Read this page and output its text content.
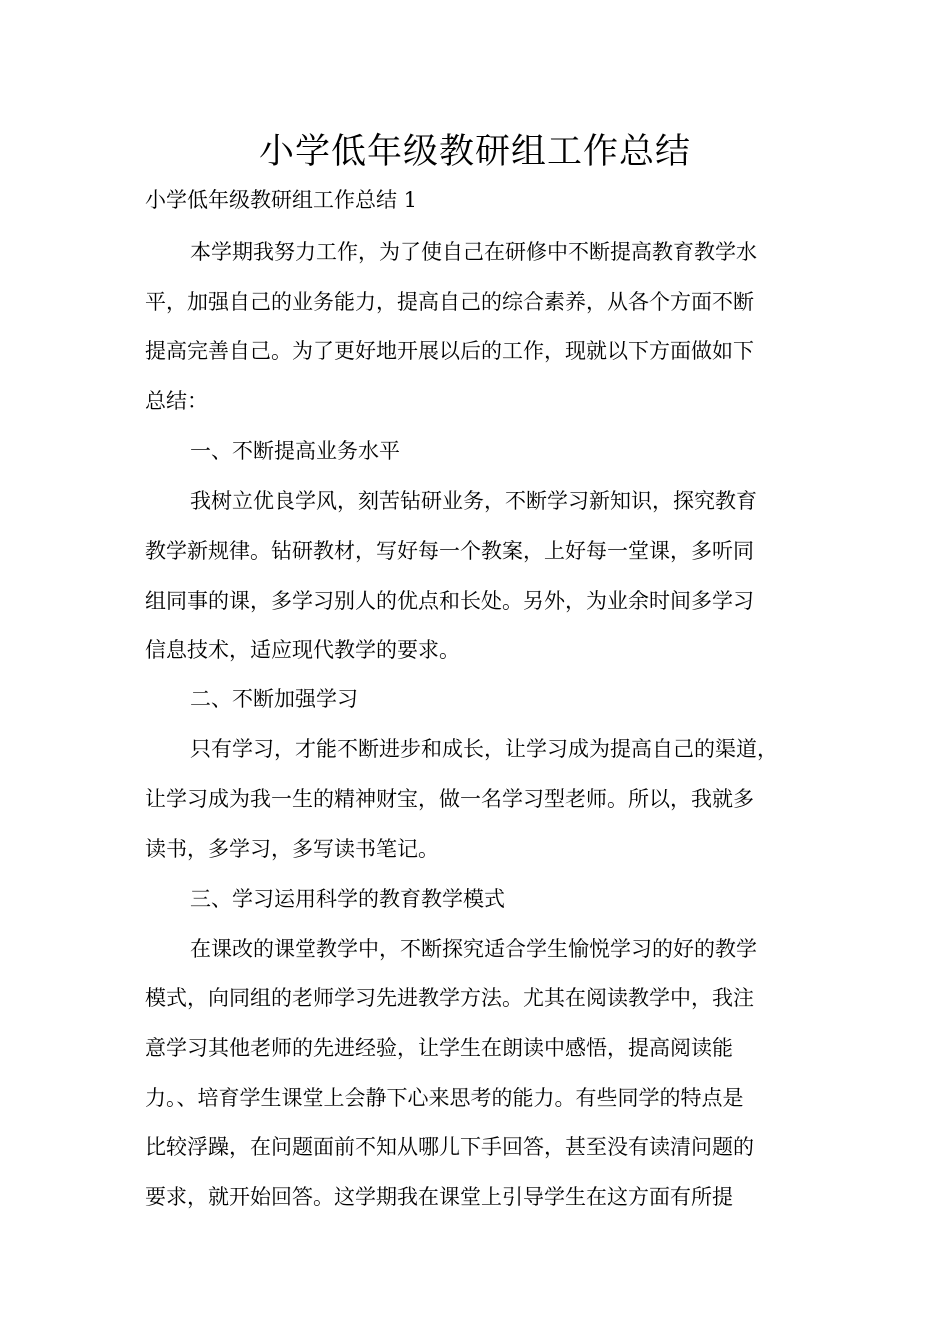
小学低年级教研组工作总结
小学低年级教研组工作总结 1
本学期我努力工作，为了使自己在研修中不断提高教育教学水
平，加强自己的业务能力，提高自己的综合素养，从各个方面不断
提高完善自己。为了更好地开展以后的工作，现就以下方面做如下
总结：
一、不断提高业务水平
我树立优良学风，刻苦钻研业务，不断学习新知识，探究教育
教学新规律。钻研教材，写好每一个教案，上好每一堂课，多听同
组同事的课，多学习别人的优点和长处。另外，为业余时间多学习
信息技术，适应现代教学的要求。
二、不断加强学习
只有学习，才能不断进步和成长，让学习成为提高自己的渠道，
让学习成为我一生的精神财宝，做一名学习型老师。所以，我就多
读书，多学习，多写读书笔记。
三、学习运用科学的教育教学模式
在课改的课堂教学中，不断探究适合学生愉悦学习的好的教学
模式，向同组的老师学习先进教学方法。尤其在阅读教学中，我注
意学习其他老师的先进经验，让学生在朗读中感悟，提高阅读能
力。、培育学生课堂上会静下心来思考的能力。有些同学的特点是
比较浮躁，在问题面前不知从哪儿下手回答，甚至没有读清问题的
要求，就开始回答。这学期我在课堂上引导学生在这方面有所提
